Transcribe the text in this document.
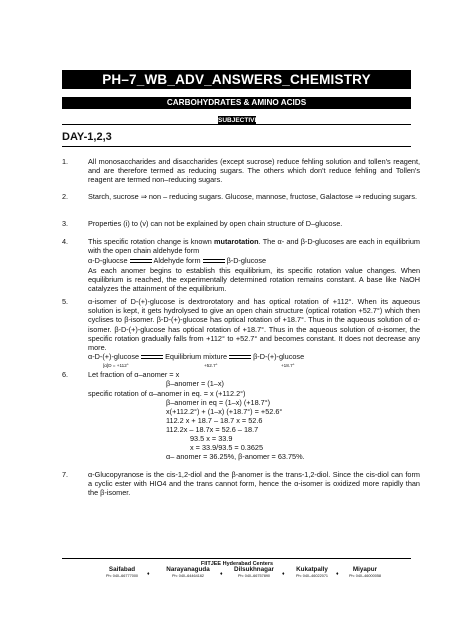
PH–7_WB_ADV_ANSWERS_CHEMISTRY
CARBOHYDRATES & AMINO ACIDS
SUBJECTIVE
DAY-1,2,3
1.	All monosaccharides and disaccharides (except sucrose) reduce fehling solution and tollen's reagent, and are therefore termed as reducing sugars. The others which don't reduce fehling and Tollen's reagent are termed non–reducing sugars.
2.	Starch, sucrose ⇒ non – reducing sugars. Glucose, mannose, fructose, Galactose ⇒ reducing sugars.
3.	Properties (i) to (v) can not be explained by open chain structure of D–glucose.
4.	This specific rotation change is known mutarotation. The α- and β-D-glucoses are each in equilibrium with the open chain aldehyde form
α-D-gluocse	Aldehyde form	β-D-glucose
As each anomer begins to establish this equilibrium, its specific rotation value changes. When equilibrium is reached, the experimentally determined rotation remains constant. A base like NaOH catalyzes the attainment of the equilibrium.
5.	α-isomer of D-(+)-glucose is dextrorotatory and has optical rotation of +112°. When its aqueous solution is kept, it gets hydrolysed to give an open chain structure (optical rotation +52.7°) which then cyclises to β-isomer. β-D-(+)-glucose has optical rotation of +18.7°. Thus in the aqueous solution of α-isomer. β-D-(+)-glucose has optical rotation of +18.7°. Thus in the aqueous solution of α-isomer, the specific rotation gradually falls from +112° to +52.7° and becomes constant. It does not decrease any more.
α-D-(+)-glucose	Equilibrium mixture	β-D-(+)-glucose
[α]D = +112°	+52.7°	+18.7°
6.	Let fraction of α–anomer = x
β–anomer = (1–x)
specific rotation of α–anomer in eq. = x (+112.2°)
β–anomer in eq = (1–x) (+18.7°)
x(+112.2°) + (1–x) (+18.7°) = +52.6°
112.2 x + 18.7 – 18.7 x = 52.6
112.2x – 18.7x = 52.6 – 18.7
93.5 x = 33.9
x = 33.9/93.5 = 0.3625
α– anomer = 36.25%, β-anomer = 63.75%.
7.	α-Glucopyranose is the cis-1,2-diol and the β-anomer is the trans-1,2-diol. Since the cis-diol can form a cyclic ester with HIO4 and the trans cannot form, hence the α-isomer is oxidized more rapidly than the β-isomer.
FIITJEE Hyderabad Centers
Saifabad
Ph: 040–66777000	♦
Narayanaguda
Ph: 040–64464162	♦
Dilsukhnagar
Ph: 040–66757890	♦
Kukatpally
Ph: 040–46022071	♦
Miyapur
Ph: 040–46000058
